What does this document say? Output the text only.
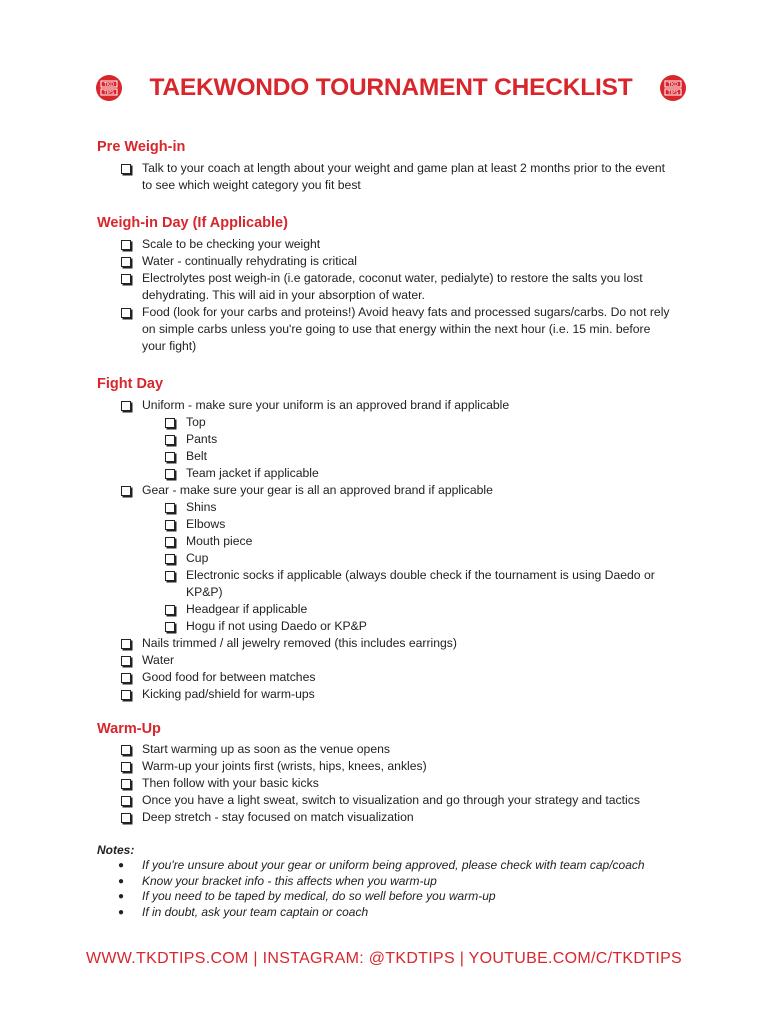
TKD
TIPS	TAEKWONDO TOURNAMENT CHECKLIST	TKD
TIPS
Pre Weigh-in
Talk to your coach at length about your weight and game plan at least 2 months prior to the event to see which weight category you fit best
Weigh-in Day (If Applicable)
Scale to be checking your weight
Water - continually rehydrating is critical
Electrolytes post weigh-in (i.e gatorade, coconut water, pedialyte) to restore the salts you lost dehydrating. This will aid in your absorption of water.
Food (look for your carbs and proteins!) Avoid heavy fats and processed sugars/carbs. Do not rely on simple carbs unless you're going to use that energy within the next hour (i.e. 15 min. before your fight)
Fight Day
Uniform - make sure your uniform is an approved brand if applicable
Top
Pants
Belt
Team jacket if applicable
Gear - make sure your gear is all an approved brand if applicable
Shins
Elbows
Mouth piece
Cup
Electronic socks if applicable (always double check if the tournament is using Daedo or KP&P)
Headgear if applicable
Hogu if not using Daedo or KP&P
Nails trimmed / all jewelry removed (this includes earrings)
Water
Good food for between matches
Kicking pad/shield for warm-ups
Warm-Up
Start warming up as soon as the venue opens
Warm-up your joints first (wrists, hips, knees, ankles)
Then follow with your basic kicks
Once you have a light sweat, switch to visualization and go through your strategy and tactics
Deep stretch - stay focused on match visualization
Notes:
● If you're unsure about your gear or uniform being approved, please check with team cap/coach
● Know your bracket info - this affects when you warm-up
● If you need to be taped by medical, do so well before you warm-up
● If in doubt, ask your team captain or coach
WWW.TKDTIPS.COM | INSTAGRAM: @TKDTIPS | YOUTUBE.COM/C/TKDTIPS
